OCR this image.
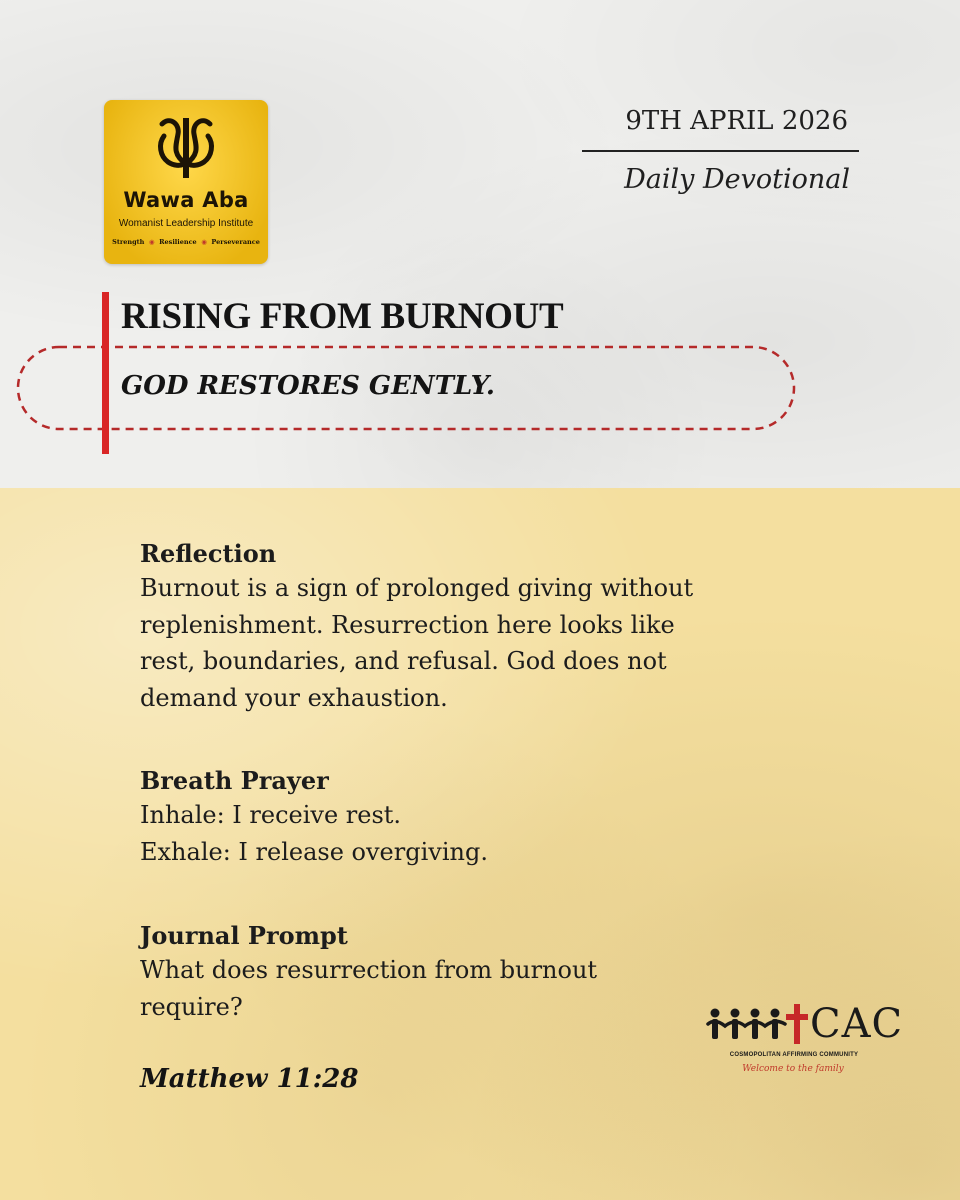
Wawa Aba
Womanist Leadership Institute
Strength  ◉  Resilience  ◉  Perseverance
9TH APRIL 2026
Daily Devotional
RISING FROM BURNOUT
GOD RESTORES GENTLY.
Reflection
Burnout is a sign of prolonged giving without
replenishment. Resurrection here looks like
rest, boundaries, and refusal. God does not
demand your exhaustion.
Breath Prayer
Inhale: I receive rest.
Exhale: I release overgiving.
Journal Prompt
What does resurrection from burnout
require?
Matthew 11:28
CAC
COSMOPOLITAN AFFIRMING COMMUNITY
Welcome to the family
